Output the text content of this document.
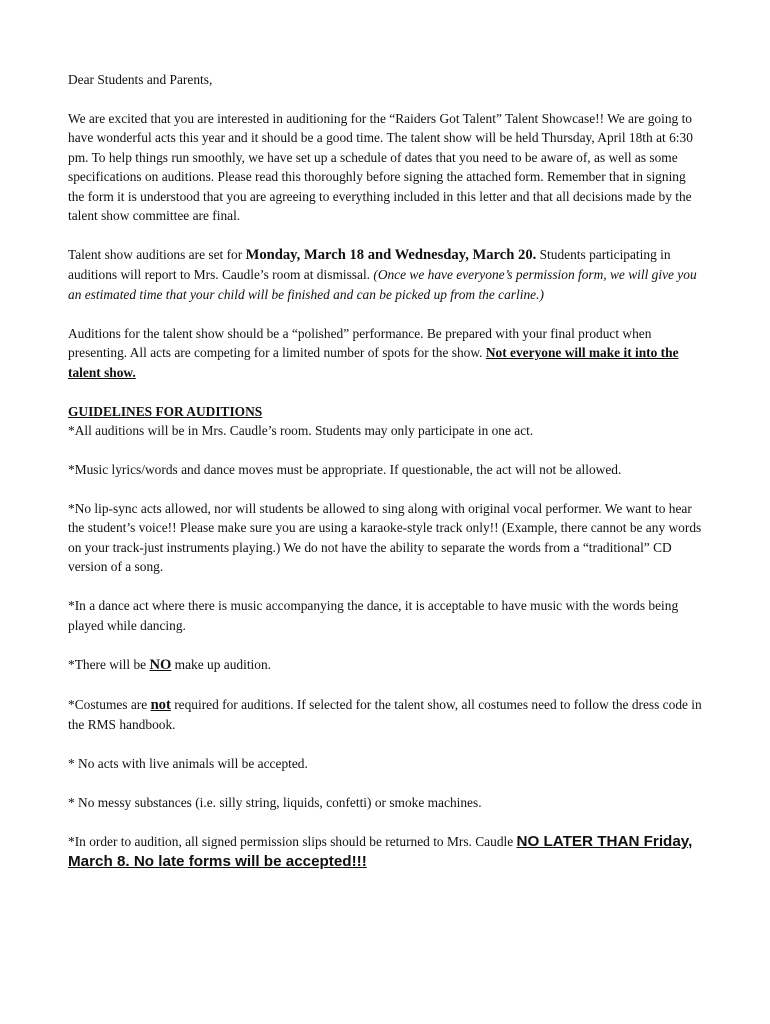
Dear Students and Parents,

We are excited that you are interested in auditioning for the “Raiders Got Talent” Talent Showcase!! We are going to have wonderful acts this year and it should be a good time. The talent show will be held Thursday, April 18th at 6:30 pm. To help things run smoothly, we have set up a schedule of dates that you need to be aware of, as well as some specifications on auditions. Please read this thoroughly before signing the attached form. Remember that in signing the form it is understood that you are agreeing to everything included in this letter and that all decisions made by the talent show committee are final.

Talent show auditions are set for Monday, March 18 and Wednesday, March 20. Students participating in auditions will report to Mrs. Caudle’s room at dismissal. (Once we have everyone’s permission form, we will give you an estimated time that your child will be finished and can be picked up from the carline.)

Auditions for the talent show should be a “polished” performance. Be prepared with your final product when presenting. All acts are competing for a limited number of spots for the show. Not everyone will make it into the talent show.

GUIDELINES FOR AUDITIONS

*All auditions will be in Mrs. Caudle’s room. Students may only participate in one act.

*Music lyrics/words and dance moves must be appropriate. If questionable, the act will not be allowed.

*No lip-sync acts allowed, nor will students be allowed to sing along with original vocal performer. We want to hear the student’s voice!! Please make sure you are using a karaoke-style track only!! (Example, there cannot be any words on your track-just instruments playing.) We do not have the ability to separate the words from a “traditional” CD version of a song.

*In a dance act where there is music accompanying the dance, it is acceptable to have music with the words being played while dancing.

*There will be NO make up audition.

*Costumes are not required for auditions. If selected for the talent show, all costumes need to follow the dress code in the RMS handbook.

* No acts with live animals will be accepted.

* No messy substances (i.e. silly string, liquids, confetti) or smoke machines.

*In order to audition, all signed permission slips should be returned to Mrs. Caudle NO LATER THAN Friday, March 8. No late forms will be accepted!!!
